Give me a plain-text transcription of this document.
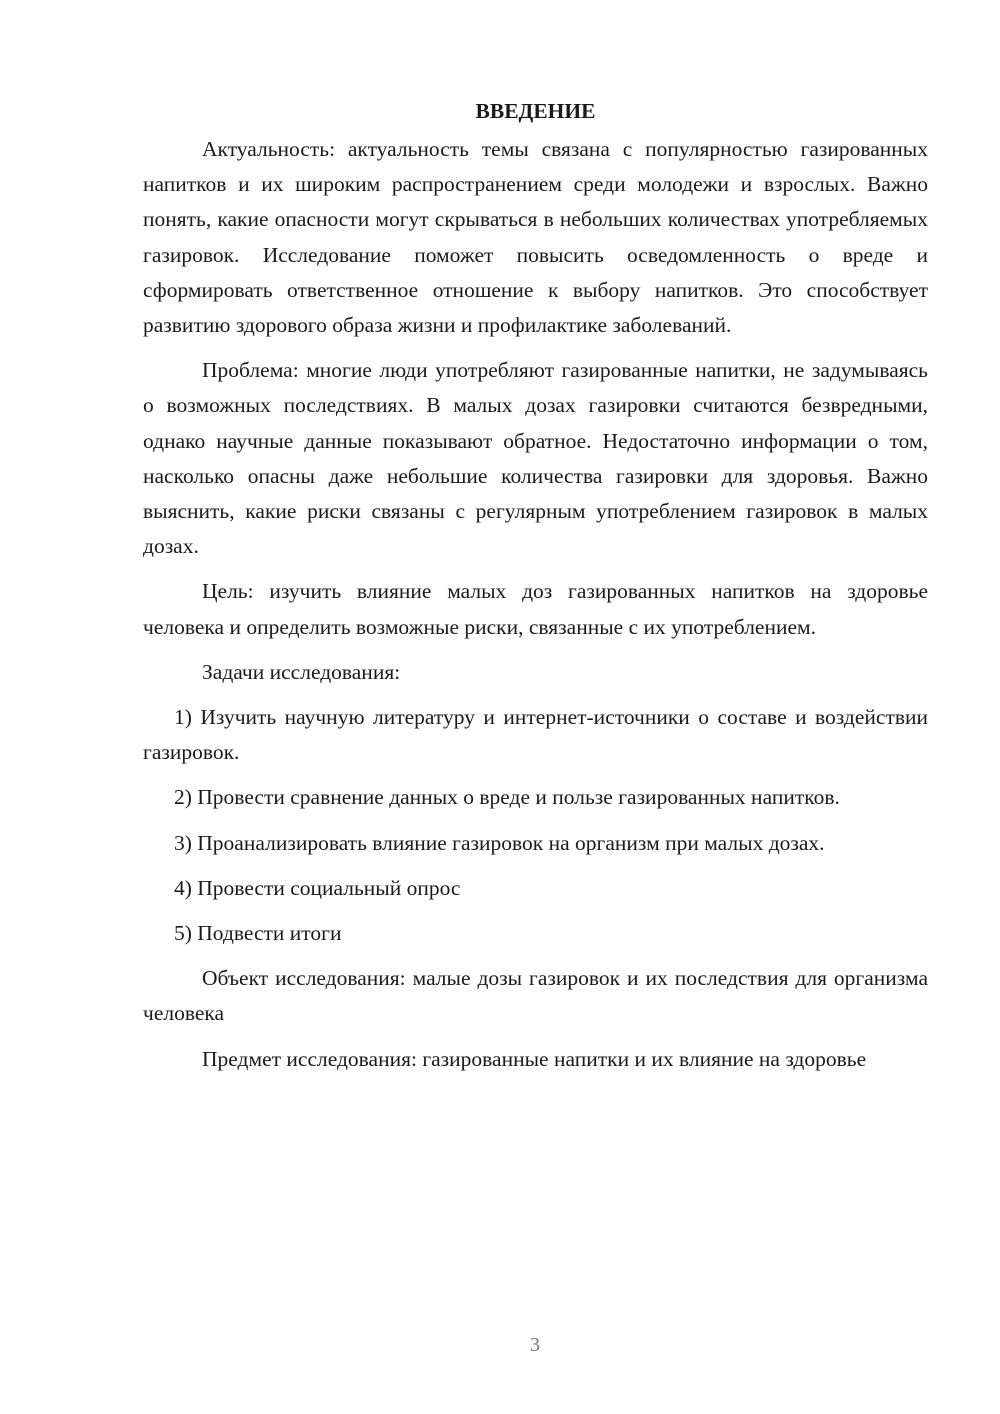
ВВЕДЕНИЕ

Актуальность: актуальность темы связана с популярностью газированных напитков и их широким распространением среди молодежи и взрослых. Важно понять, какие опасности могут скрываться в небольших количествах употребляемых газировок. Исследование поможет повысить осведомленность о вреде и сформировать ответственное отношение к выбору напитков. Это способствует развитию здорового образа жизни и профилактике заболеваний.

Проблема: многие люди употребляют газированные напитки, не задумываясь о возможных последствиях. В малых дозах газировки считаются безвредными, однако научные данные показывают обратное. Недостаточно информации о том, насколько опасны даже небольшие количества газировки для здоровья. Важно выяснить, какие риски связаны с регулярным употреблением газировок в малых дозах.

Цель: изучить влияние малых доз газированных напитков на здоровье человека и определить возможные риски, связанные с их употреблением.

Задачи исследования:

1) Изучить научную литературу и интернет-источники о составе и воздействии газировок.

2) Провести сравнение данных о вреде и пользе газированных напитков.

3) Проанализировать влияние газировок на организм при малых дозах.

4) Провести социальный опрос

5) Подвести итоги

Объект исследования: малые дозы газировок и их последствия для организма человека

Предмет исследования: газированные напитки и их влияние на здоровье

3
